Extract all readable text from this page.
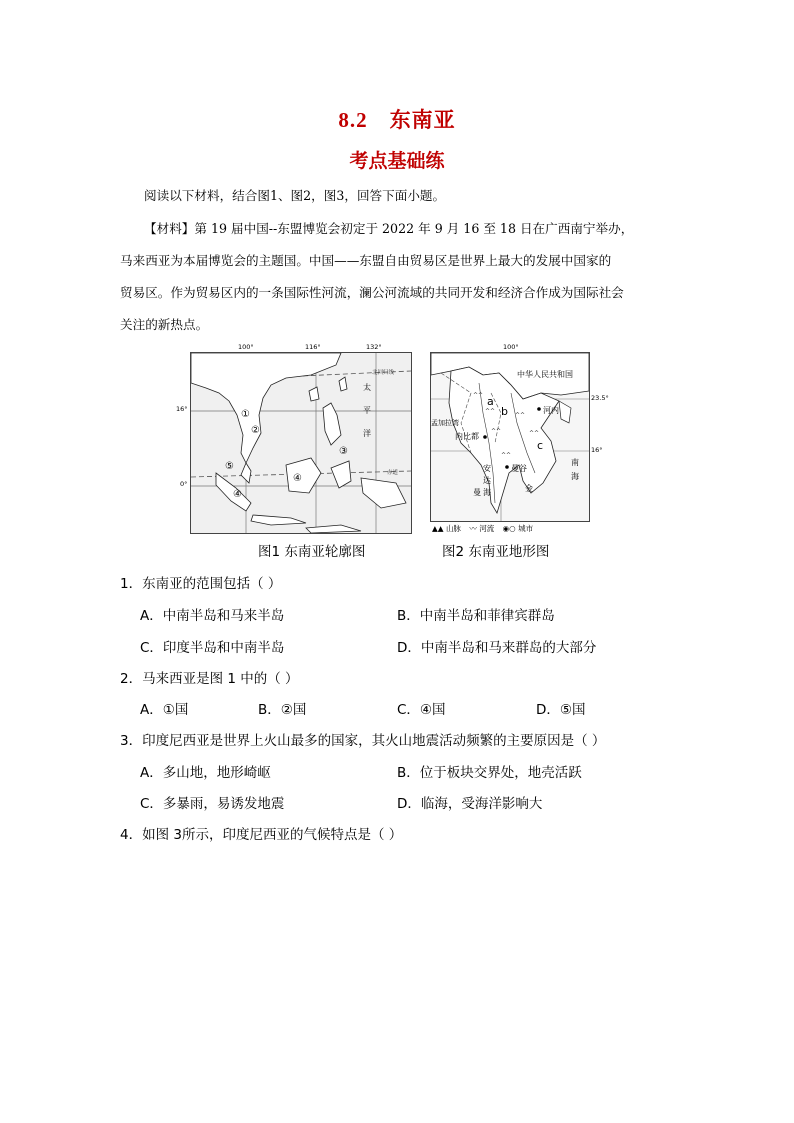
8.2 东南亚
考点基础练
阅读以下材料，结合图1、图2，图3，回答下面小题。
【材料】第 19 届中国--东盟博览会初定于 2022 年 9 月 16 至 18 日在广西南宁举办，
马来西亚为本届博览会的主题国。中国——东盟自由贸易区是世界上最大的发展中国家的
贸易区。作为贸易区内的一条国际性河流，澜公河流域的共同开发和经济合作成为国际社会
关注的新热点。
北回归线
赤道
太
平
洋
①
②
③
④
⑤
④
100°	116°	132°
16°
0°
^^
^^
^^
^^
^^
^^
中华人民共和国
河内
孟加拉湾
内比都
曼谷
金
安
达
曼 海
南
海
a
b
c
100°
23.5°
16°
▲▲ 山脉 〰 河流 ◉○ 城市
图1 东南亚轮廓图	图2 东南亚地形图
1．东南亚的范围包括（ ）
A．中南半岛和马来半岛	B．中南半岛和菲律宾群岛
C．印度半岛和中南半岛	D．中南半岛和马来群岛的大部分
2．马来西亚是图 1 中的（ ）
A．①国	B．②国	C．④国	D．⑤国
3．印度尼西亚是世界上火山最多的国家，其火山地震活动频繁的主要原因是（ ）
A．多山地，地形崎岖	B．位于板块交界处，地壳活跃
C．多暴雨，易诱发地震	D．临海，受海洋影响大
4．如图 3所示，印度尼西亚的气候特点是（ ）
